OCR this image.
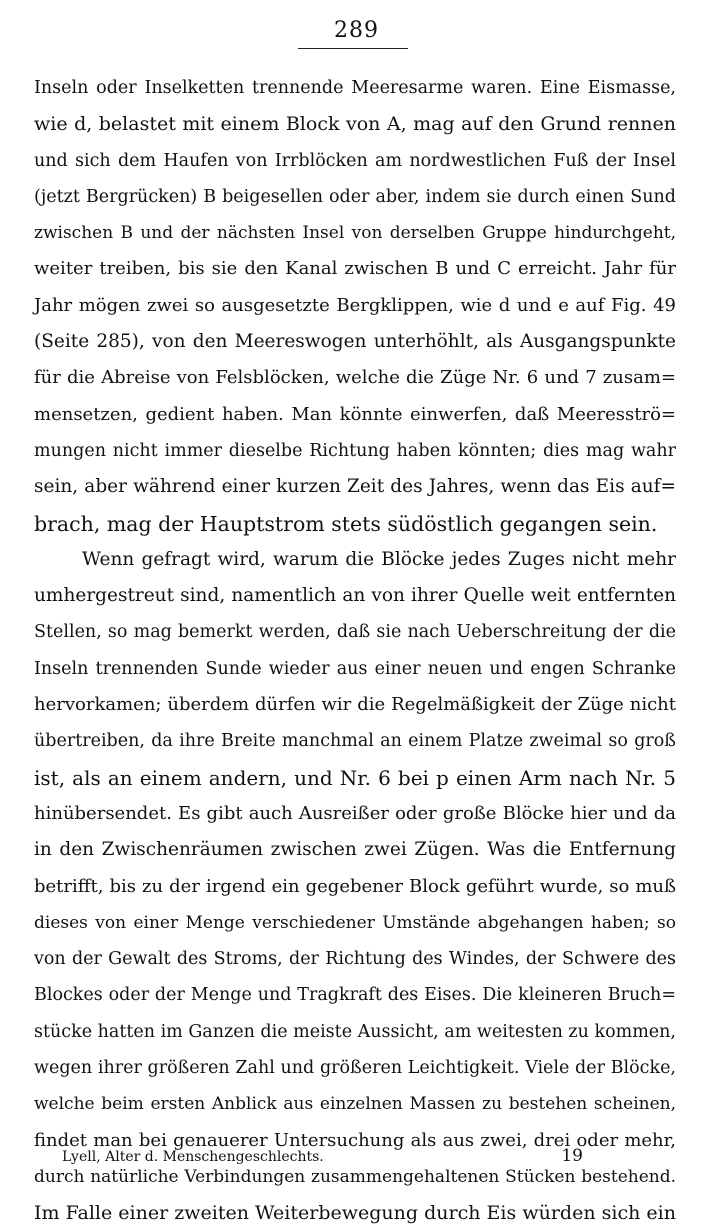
289
Inseln oder Inselketten trennende Meeresarme waren. Eine Eismasse,
wie d, belastet mit einem Block von A, mag auf den Grund rennen
und sich dem Haufen von Irrblöcken am nordwestlichen Fuß der Insel
(jetzt Bergrücken) B beigesellen oder aber, indem sie durch einen Sund
zwischen B und der nächsten Insel von derselben Gruppe hindurchgeht,
weiter treiben, bis sie den Kanal zwischen B und C erreicht. Jahr für
Jahr mögen zwei so ausgesetzte Bergklippen, wie d und e auf Fig. 49
(Seite 285), von den Meereswogen unterhöhlt, als Ausgangspunkte
für die Abreise von Felsblöcken, welche die Züge Nr. 6 und 7 zusam=
mensetzen, gedient haben. Man könnte einwerfen, daß Meeresströ=
mungen nicht immer dieselbe Richtung haben könnten; dies mag wahr
sein, aber während einer kurzen Zeit des Jahres, wenn das Eis auf=
brach, mag der Hauptstrom stets südöstlich gegangen sein.
Wenn gefragt wird, warum die Blöcke jedes Zuges nicht mehr
umhergestreut sind, namentlich an von ihrer Quelle weit entfernten
Stellen, so mag bemerkt werden, daß sie nach Ueberschreitung der die
Inseln trennenden Sunde wieder aus einer neuen und engen Schranke
hervorkamen; überdem dürfen wir die Regelmäßigkeit der Züge nicht
übertreiben, da ihre Breite manchmal an einem Platze zweimal so groß
ist, als an einem andern, und Nr. 6 bei p einen Arm nach Nr. 5
hinübersendet. Es gibt auch Ausreißer oder große Blöcke hier und da
in den Zwischenräumen zwischen zwei Zügen. Was die Entfernung
betrifft, bis zu der irgend ein gegebener Block geführt wurde, so muß
dieses von einer Menge verschiedener Umstände abgehangen haben; so
von der Gewalt des Stroms, der Richtung des Windes, der Schwere des
Blockes oder der Menge und Tragkraft des Eises. Die kleineren Bruch=
stücke hatten im Ganzen die meiste Aussicht, am weitesten zu kommen,
wegen ihrer größeren Zahl und größeren Leichtigkeit. Viele der Blöcke,
welche beim ersten Anblick aus einzelnen Massen zu bestehen scheinen,
findet man bei genauerer Untersuchung als aus zwei, drei oder mehr,
durch natürliche Verbindungen zusammengehaltenen Stücken bestehend.
Im Falle einer zweiten Weiterbewegung durch Eis würden sich ein
Lyell, Alter d. Menschengeschlechts.	19
